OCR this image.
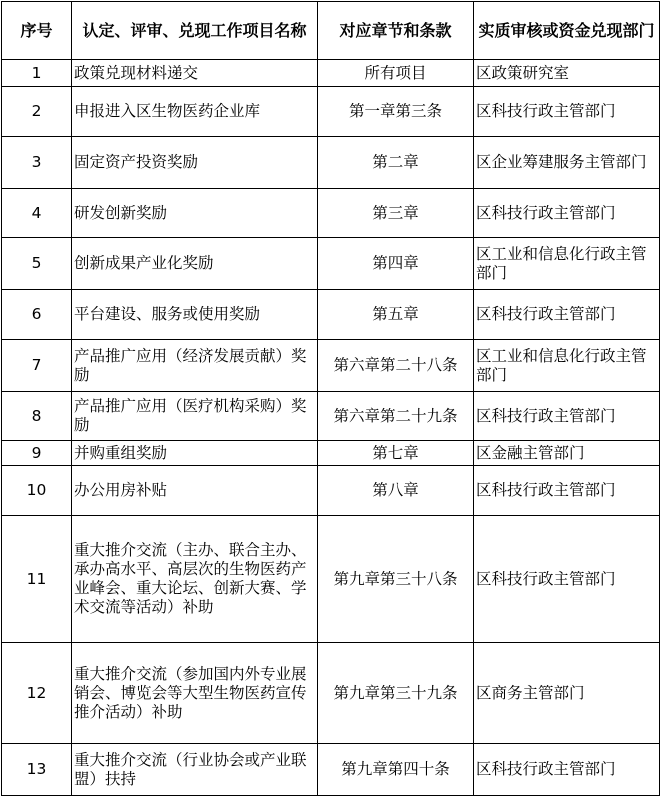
序号	认定、评审、兑现工作项目名称	对应章节和条款	实质审核或资金兑现部门
1	政策兑现材料递交	所有项目	区政策研究室
2	申报进入区生物医药企业库	第一章第三条	区科技行政主管部门
3	固定资产投资奖励	第二章	区企业筹建服务主管部门
4	研发创新奖励	第三章	区科技行政主管部门
5	创新成果产业化奖励	第四章	区工业和信息化行政主管部门
6	平台建设、服务或使用奖励	第五章	区科技行政主管部门
7	产品推广应用（经济发展贡献）奖励	第六章第二十八条	区工业和信息化行政主管部门
8	产品推广应用（医疗机构采购）奖励	第六章第二十九条	区科技行政主管部门
9	并购重组奖励	第七章	区金融主管部门
10	办公用房补贴	第八章	区科技行政主管部门
11	重大推介交流（主办、联合主办、承办高水平、高层次的生物医药产业峰会、重大论坛、创新大赛、学术交流等活动）补助	第九章第三十八条	区科技行政主管部门
12	重大推介交流（参加国内外专业展销会、博览会等大型生物医药宣传推介活动）补助	第九章第三十九条	区商务主管部门
13	重大推介交流（行业协会或产业联盟）扶持	第九章第四十条	区科技行政主管部门
